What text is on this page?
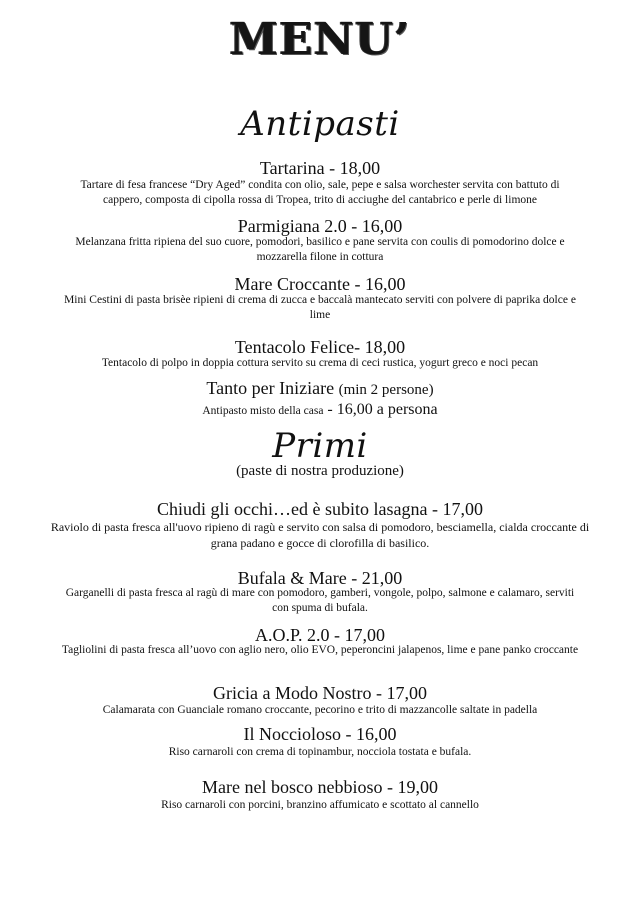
MENU’
Antipasti
Tartarina - 18,00
Tartare di fesa francese “Dry Aged” condita con olio, sale, pepe e salsa worchester servita con battuto di cappero, composta di cipolla rossa di Tropea, trito di acciughe del cantabrico e perle di limone
Parmigiana 2.0 - 16,00
Melanzana fritta ripiena del suo cuore, pomodori, basilico e pane servita con coulis di pomodorino dolce e mozzarella filone in cottura
Mare Croccante - 16,00
Mini Cestini di pasta brisèe ripieni di crema di zucca e baccalà mantecato serviti con polvere di paprika dolce e lime
Tentacolo Felice- 18,00
Tentacolo di polpo in doppia cottura servito su crema di ceci rustica, yogurt greco e noci pecan
Tanto per Iniziare (min 2 persone)
Antipasto misto della casa - 16,00 a persona
Primi
(paste di nostra produzione)
Chiudi gli occhi…ed è subito lasagna - 17,00
Raviolo di pasta fresca all'uovo ripieno di ragù e servito con salsa di pomodoro, besciamella, cialda croccante di grana padano e gocce di clorofilla di basilico.
Bufala & Mare - 21,00
Garganelli di pasta fresca al ragù di mare con pomodoro, gamberi, vongole, polpo, salmone e calamaro, serviti con spuma di bufala.
A.O.P. 2.0 - 17,00
Tagliolini di pasta fresca all’uovo con aglio nero, olio EVO, peperoncini jalapenos, lime e pane panko croccante
Gricia a Modo Nostro - 17,00
Calamarata con Guanciale romano croccante, pecorino e trito di mazzancolle saltate in padella
Il Noccioloso - 16,00
Riso carnaroli con crema di topinambur, nocciola tostata e bufala.
Mare nel bosco nebbioso - 19,00
Riso carnaroli con porcini, branzino affumicato e scottato al cannello
